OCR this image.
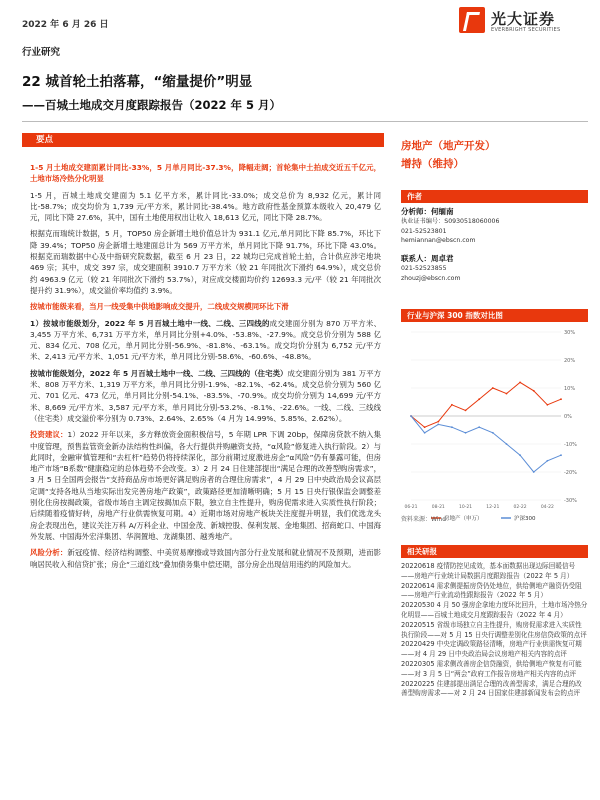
2022 年 6 月 26 日	光大证券
EVERBRIGHT SECURITIES
行业研究
22 城首轮土拍落幕，“缩量提价”明显
——百城土地成交月度跟踪报告（2022 年 5 月）
要点

1-5 月土地成交建面累计同比-33%，5 月单月同比-37.3%，降幅走阔；首轮集中土拍成交近五千亿元，土地市场冷热分化明显

1-5 月，百城土地成交建面为 5.1 亿平方米，累计同比-33.0%；成交总价为 8,932 亿元，累计同比-58.7%；成交均价为 1,739 元/平方米，累计同比-38.4%。地方政府性基金预算本级收入 20,479 亿元，同比下降 27.6%，其中，国有土地使用权出让收入 18,613 亿元，同比下降 28.7%。

根据克而瑞统计数据，5 月，TOP50 房企新增土地价值总计为 931.1 亿元,单月同比下降 85.7%，环比下降 39.4%；TOP50 房企新增土地建面总计为 569 万平方米，单月同比下降 91.7%，环比下降 43.0%。根据克而瑞数据中心及中指研究院数据，截至 6 月 23 日，22 城均已完成首轮土拍，合计供应涉宅地块 469 宗；其中，成交 397 宗，成交建面积 3910.7 万平方米（较 21 年同批次下滑约 64.9%），成交总价约 4963.9 亿元（较 21 年同批次下滑约 53.7%），对应成交楼面均价约 12693.3 元/平（较 21 年同批次提升约 31.9%），成交溢价率均值约 3.9%。

按城市能级来看，当月一线受集中供地影响成交提升，二线成交规模同环比下滑

1）按城市能级划分，2022 年 5 月百城土地中一线、二线、三四线的成交建面分别为 870 万平方米、3,455 万平方米、6,731 万平方米，单月同比分别+4.0%、-53.8%、-27.9%。成交总价分别为 588 亿元、834 亿元、708 亿元，单月同比分别-56.9%、-81.8%、-63.1%。成交均价分别为 6,752 元/平方米、2,413 元/平方米、1,051 元/平方米，单月同比分别-58.6%、-60.6%、-48.8%。

按城市能级划分，2022 年 5 月百城土地中一线、二线、三四线的（住宅类）成交建面分别为 381 万平方米、808 万平方米、1,319 万平方米，单月同比分别-1.9%、-82.1%、-62.4%。成交总价分别为 560 亿元、701 亿元、473 亿元，单月同比分别-54.1%、-83.5%、-70.9%。成交均价分别为 14,699 元/平方米、8,669 元/平方米、3,587 元/平方米，单月同比分别-53.2%、-8.1%、-22.6%。一线、二线、三线线（住宅类）成交溢价率分别为 0.73%、2.64%、2.65%（4 月为 14.99%、5.85%、2.62%）。

投资建议：1）2022 开年以来，多方释放资金面积极信号，5 年期 LPR 下调 20bp，保障房贷款不纳入集中度管理，预售监管资金新办法结构性纠偏，各大行提供并购融资支持，“α风险”修复进入执行阶段。2）与此同时，金融审慎管理和“去杠杆”趋势仍将持续深化，部分前期过度激进房企“α风险”仍有暴露可能，但房地产市场“B系数”健康稳定的总体趋势不会改变。3）2 月 24 日住建部提出“满足合理的改善型购房需求”，3 月 5 日全国两会报告“支持商品房市场更好满足购房者的合理住房需求”，4 月 29 日中央政治局会议高层定调“支持各地从当地实际出发完善房地产政策”，政策路径更加清晰明确；5 月 15 日央行银保监会调整差别化住房按揭政策，省级市场自主调定按揭加点下限，独立自主性提升，购房促需求进入实质性执行阶段；后续随着疫情好转，房地产行业供需恢复可期。4）近期市场对房地产板块关注度提升明显，我们优选龙头房企表现出色，建议关注万科 A/万科企业、中国金茂、新城控股、保利发展、金地集团、招商蛇口、中国海外发展、中国海外宏洋集团、华润置地、龙湖集团、越秀地产。

风险分析：新冠疫情、经济结构调整、中美贸易摩擦或导致国内部分行业发展和就业情况不及预期，进而影响居民收入和信贷扩张；房企“三道红线”叠加债务集中偿还期，部分房企出现信用违约的风险加大。

房地产（地产开发）
增持（维持）
作者
分析师：何缅南
执业证书编号：S0930518060006
021-52523801
hemiannan@ebscn.com
联系人：周卓君
021-52523855
zhouzj@ebscn.com
行业与沪深 300 指数对比图
-30%
-20%
-10%
0%
10%
20%
30%
06-21	08-21	10-21	12-21	02-22	04-22
房地产（申万）	沪深300
资料来源：Wind
相关研报
20220618 疫情防控见成效，基本面数据出现边际回暖信号——房地产行业统计局数据月度跟踪报告（2022 年 5 月）
20220614 需求侧提振房贷仍处地位，供给侧地产融资仍受阻——房地产行业流动性跟踪报告（2022 年 5 月）
20220530 4 月 50 强房企拿地力度环比回升，土地市场冷热分化明显——百城土地成交月度跟踪报告（2022 年 4 月）
20220515 省级市场独立自主性提升，购房促需求进入实质性执行阶段——对 5 月 15 日央行调整差别化住房信贷政策的点评
20220429 中央定调政策路径清晰，房地产行业供需恢复可期——对 4 月 29 日中央政治局会议房地产相关内容的点评
20220305 需求侧改善房企信贷融资，供给侧地产恢复有可能——对 3 月 5 日“两会”政府工作报告房地产相关内容的点评
20220225 住建部提出满足合理的改善型需求，满足合理的改善型购房需求——对 2 月 24 日国家住建部新闻发布会的点评
